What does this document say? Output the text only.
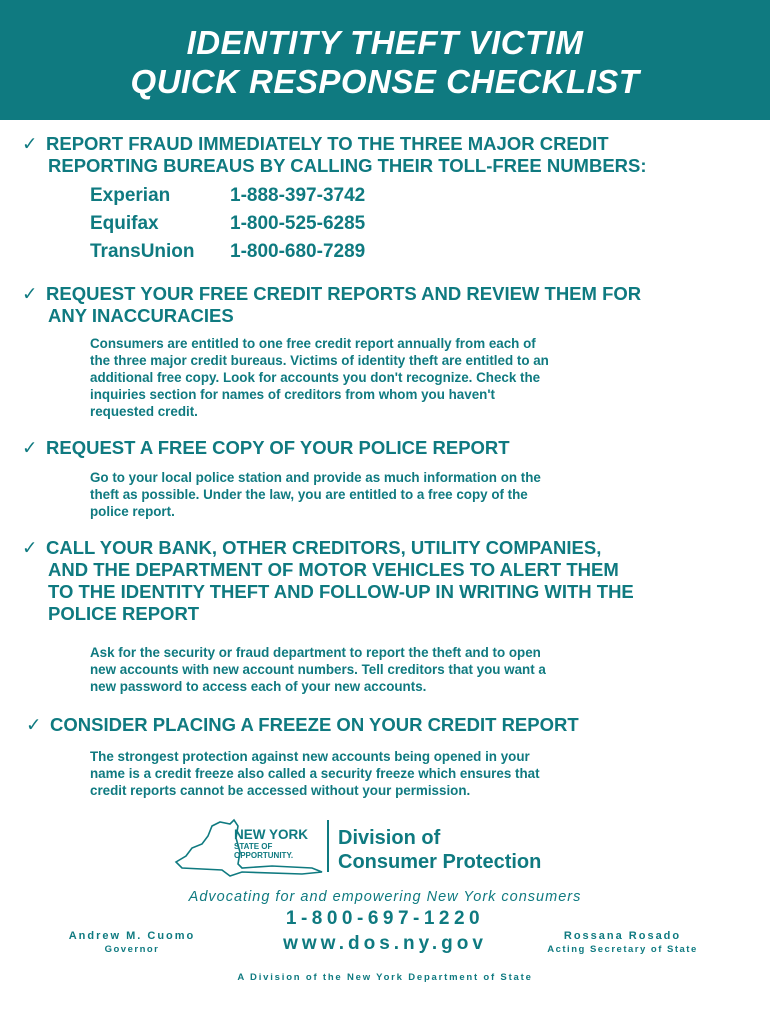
IDENTITY THEFT VICTIM
QUICK RESPONSE CHECKLIST
✓ REPORT FRAUD IMMEDIATELY TO THE THREE MAJOR CREDIT
REPORTING BUREAUS BY CALLING THEIR TOLL-FREE NUMBERS:
Experian	1-888-397-3742
Equifax	1-800-525-6285
TransUnion	1-800-680-7289
✓ REQUEST YOUR FREE CREDIT REPORTS AND REVIEW THEM FOR
ANY INACCURACIES
Consumers are entitled to one free credit report annually from each of
the three major credit bureaus. Victims of identity theft are entitled to an
additional free copy. Look for accounts you don't recognize. Check the
inquiries section for names of creditors from whom you haven't
requested credit.
✓ REQUEST A FREE COPY OF YOUR POLICE REPORT
Go to your local police station and provide as much information on the
theft as possible. Under the law, you are entitled to a free copy of the
police report.
✓ CALL YOUR BANK, OTHER CREDITORS, UTILITY COMPANIES,
AND THE DEPARTMENT OF MOTOR VEHICLES TO ALERT THEM
TO THE IDENTITY THEFT AND FOLLOW-UP IN WRITING WITH THE
POLICE REPORT
Ask for the security or fraud department to report the theft and to open
new accounts with new account numbers. Tell creditors that you want a
new password to access each of your new accounts.
✓ CONSIDER PLACING A FREEZE ON YOUR CREDIT REPORT
The strongest protection against new accounts being opened in your
name is a credit freeze also called a security freeze which ensures that
credit reports cannot be accessed without your permission.
NEW YORK
STATE OF
OPPORTUNITY.
Division of
Consumer Protection
Advocating for and empowering New York consumers
1-800-697-1220
www.dos.ny.gov
Andrew M. Cuomo
Governor
Rossana Rosado
Acting Secretary of State
A Division of the New York Department of State
